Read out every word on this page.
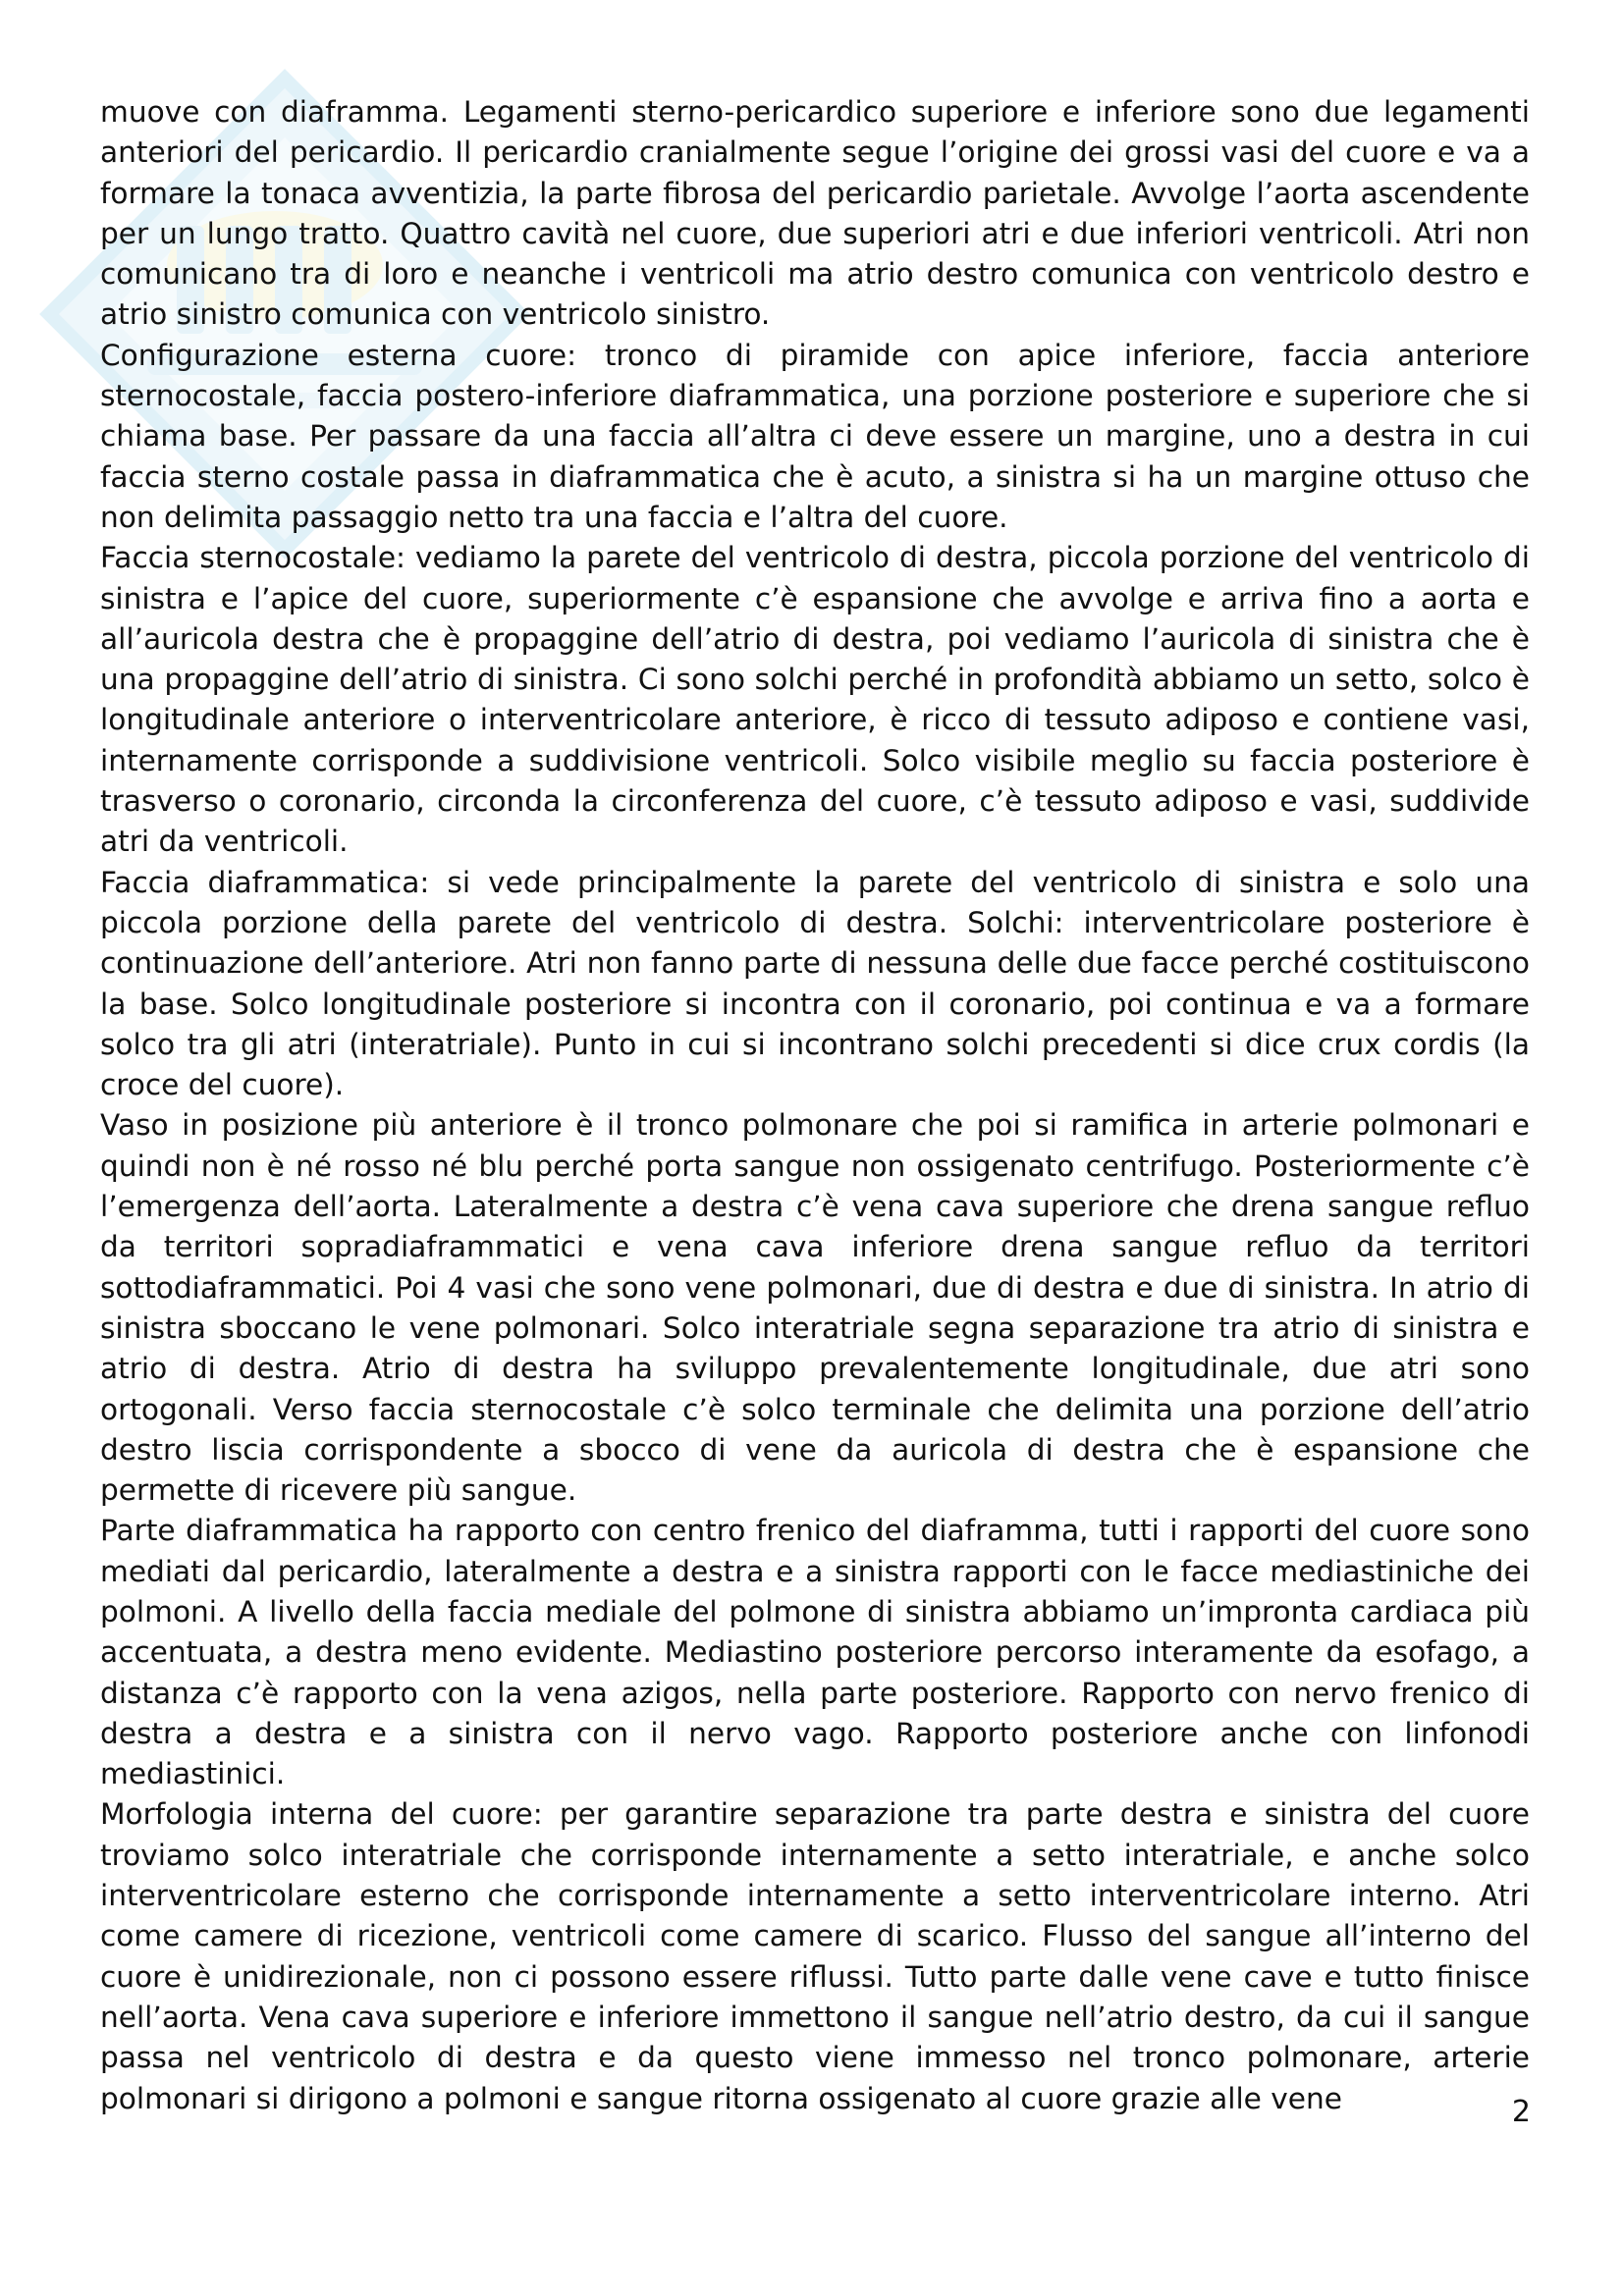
muove con diaframma. Legamenti sterno-pericardico superiore e inferiore sono due legamenti anteriori del pericardio. Il pericardio cranialmente segue l’origine dei grossi vasi del cuore e va a formare la tonaca avventizia, la parte fibrosa del pericardio parietale. Avvolge l’aorta ascendente per un lungo tratto. Quattro cavità nel cuore, due superiori atri e due inferiori ventricoli. Atri non comunicano tra di loro e neanche i ventricoli ma atrio destro comunica con ventricolo destro e atrio sinistro comunica con ventricolo sinistro.

Configurazione esterna cuore: tronco di piramide con apice inferiore, faccia anteriore sternocostale, faccia postero-inferiore diaframmatica, una porzione posteriore e superiore che si chiama base. Per passare da una faccia all’altra ci deve essere un margine, uno a destra in cui faccia sterno costale passa in diaframmatica che è acuto, a sinistra si ha un margine ottuso che non delimita passaggio netto tra una faccia e l’altra del cuore.

Faccia sternocostale: vediamo la parete del ventricolo di destra, piccola porzione del ventricolo di sinistra e l’apice del cuore, superiormente c’è espansione che avvolge e arriva fino a aorta e all’auricola destra che è propaggine dell’atrio di destra, poi vediamo l’auricola di sinistra che è una propaggine dell’atrio di sinistra. Ci sono solchi perché in profondità abbiamo un setto, solco è longitudinale anteriore o interventricolare anteriore, è ricco di tessuto adiposo e contiene vasi, internamente corrisponde a suddivisione ventricoli. Solco visibile meglio su faccia posteriore è trasverso o coronario, circonda la circonferenza del cuore, c’è tessuto adiposo e vasi, suddivide atri da ventricoli.

Faccia diaframmatica: si vede principalmente la parete del ventricolo di sinistra e solo una piccola porzione della parete del ventricolo di destra. Solchi: interventricolare posteriore è continuazione dell’anteriore. Atri non fanno parte di nessuna delle due facce perché costituiscono la base. Solco longitudinale posteriore si incontra con il coronario, poi continua e va a formare solco tra gli atri (interatriale). Punto in cui si incontrano solchi precedenti si dice crux cordis (la croce del cuore).

Vaso in posizione più anteriore è il tronco polmonare che poi si ramifica in arterie polmonari e quindi non è né rosso né blu perché porta sangue non ossigenato centrifugo. Posteriormente c’è l’emergenza dell’aorta. Lateralmente a destra c’è vena cava superiore che drena sangue refluo da territori sopradiaframmatici e vena cava inferiore drena sangue refluo da territori sottodiaframmatici. Poi 4 vasi che sono vene polmonari, due di destra e due di sinistra. In atrio di sinistra sboccano le vene polmonari. Solco interatriale segna separazione tra atrio di sinistra e atrio di destra. Atrio di destra ha sviluppo prevalentemente longitudinale, due atri sono ortogonali. Verso faccia sternocostale c’è solco terminale che delimita una porzione dell’atrio destro liscia corrispondente a sbocco di vene da auricola di destra che è espansione che permette di ricevere più sangue.

Parte diaframmatica ha rapporto con centro frenico del diaframma, tutti i rapporti del cuore sono mediati dal pericardio, lateralmente a destra e a sinistra rapporti con le facce mediastiniche dei polmoni. A livello della faccia mediale del polmone di sinistra abbiamo un’impronta cardiaca più accentuata, a destra meno evidente. Mediastino posteriore percorso interamente da esofago, a distanza c’è rapporto con la vena azigos, nella parte posteriore. Rapporto con nervo frenico di destra a destra e a sinistra con il nervo vago. Rapporto posteriore anche con linfonodi mediastinici.

Morfologia interna del cuore: per garantire separazione tra parte destra e sinistra del cuore troviamo solco interatriale che corrisponde internamente a setto interatriale, e anche solco interventricolare esterno che corrisponde internamente a setto interventricolare interno. Atri come camere di ricezione, ventricoli come camere di scarico. Flusso del sangue all’interno del cuore è unidirezionale, non ci possono essere riflussi. Tutto parte dalle vene cave e tutto finisce nell’aorta. Vena cava superiore e inferiore immettono il sangue nell’atrio destro, da cui il sangue passa nel ventricolo di destra e da questo viene immesso nel tronco polmonare, arterie polmonari si dirigono a polmoni e sangue ritorna ossigenato al cuore grazie alle vene	2
